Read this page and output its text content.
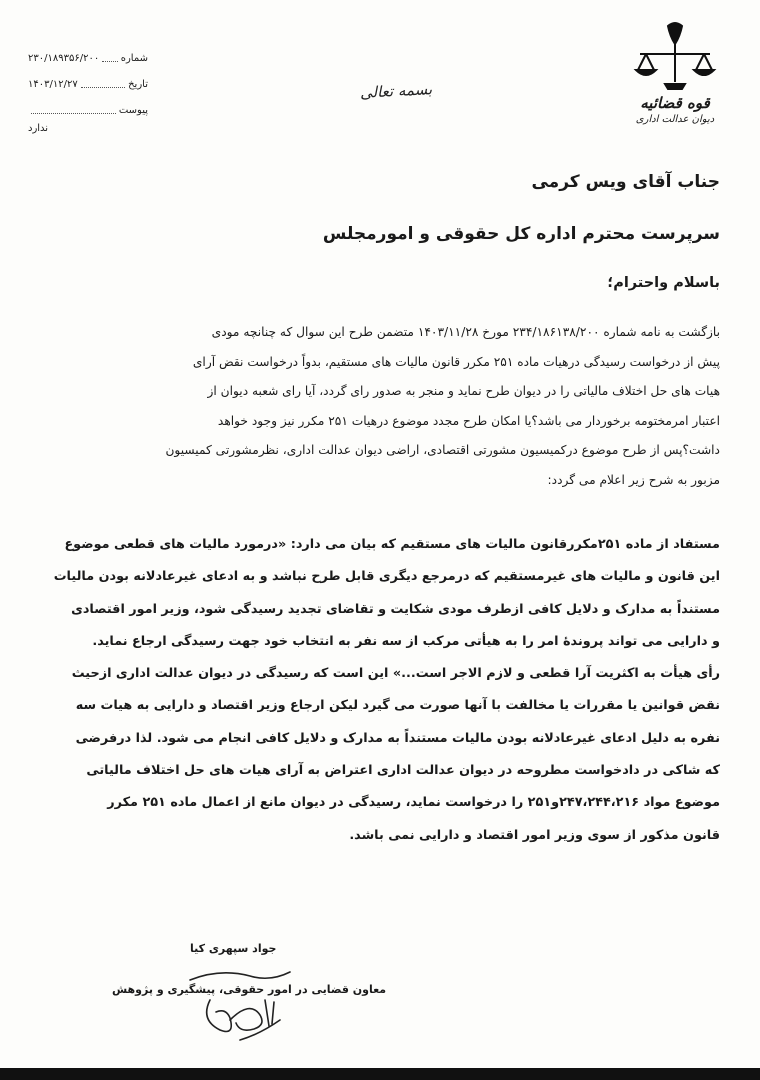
شماره
۲۳۰/۱۸۹۳۵۶/۲۰۰
تاریخ
۱۴۰۳/۱۲/۲۷
پیوست
ندارد
بسمه تعالی
قوه قضائیه
دیوان عدالت اداری
جناب آقای ویس کرمی
سرپرست محترم اداره کل حقوقی و امورمجلس
باسلام واحترام؛
بازگشت به نامه شماره ۲۳۴/۱۸۶۱۳۸/۲۰۰ مورخ ۱۴۰۳/۱۱/۲۸ متضمن طرح این سوال که چنانچه مودی
پیش از درخواست رسیدگی درهیات ماده ۲۵۱ مکرر قانون مالیات های مستقیم، بدواً درخواست نقض آرای
هیات های حل اختلاف مالیاتی را در دیوان طرح نماید و منجر به صدور رای گردد، آیا رای شعبه دیوان از
اعتبار امرمختومه برخوردار می باشد؟یا امکان طرح مجدد موضوع درهیات ۲۵۱ مکرر نیز وجود خواهد
داشت؟پس از طرح موضوع درکمیسیون مشورتی اقتصادی، اراضی دیوان عدالت اداری، نظرمشورتی کمیسیون
مزبور به شرح زیر اعلام می گردد:
مستفاد از ماده ۲۵۱مکررقانون مالیات های مستقیم که بیان می دارد: «درمورد مالیات های قطعی موضوع
این قانون و مالیات های غیرمستقیم که درمرجع دیگری قابل طرح نباشد و به ادعای غیرعادلانه بودن مالیات
مستنداً به مدارک و دلایل کافی ازطرف مودی شکایت و تقاضای تجدید رسیدگی شود، وزیر امور اقتصادی
و دارایی می تواند پروندهٔ امر را به هیأتی مرکب از سه نفر به انتخاب خود جهت رسیدگی ارجاع نماید.
رأی هیأت به اکثریت آرا قطعی و لازم الاجر است...» این است که رسیدگی در دیوان عدالت اداری ازحیث
نقض قوانین یا مقررات یا مخالفت با آنها صورت می گیرد لیکن ارجاع وزیر اقتصاد و دارایی به هیات سه
نفره به دلیل ادعای غیرعادلانه بودن مالیات مستنداً به مدارک و دلایل کافی انجام می شود. لذا درفرضی
که شاکی در دادخواست مطروحه در دیوان عدالت اداری اعتراض به آرای هیات های حل اختلاف مالیاتی
موضوع مواد ۲۴۷،۲۴۴،۲۱۶و۲۵۱ را درخواست نماید، رسیدگی در دیوان مانع از اعمال ماده ۲۵۱ مکرر
قانون مذکور از سوی وزیر امور اقتصاد و دارایی نمی باشد.
جواد سپهری کیا
معاون قضایی در امور حقوقی، پیشگیری و پژوهش
